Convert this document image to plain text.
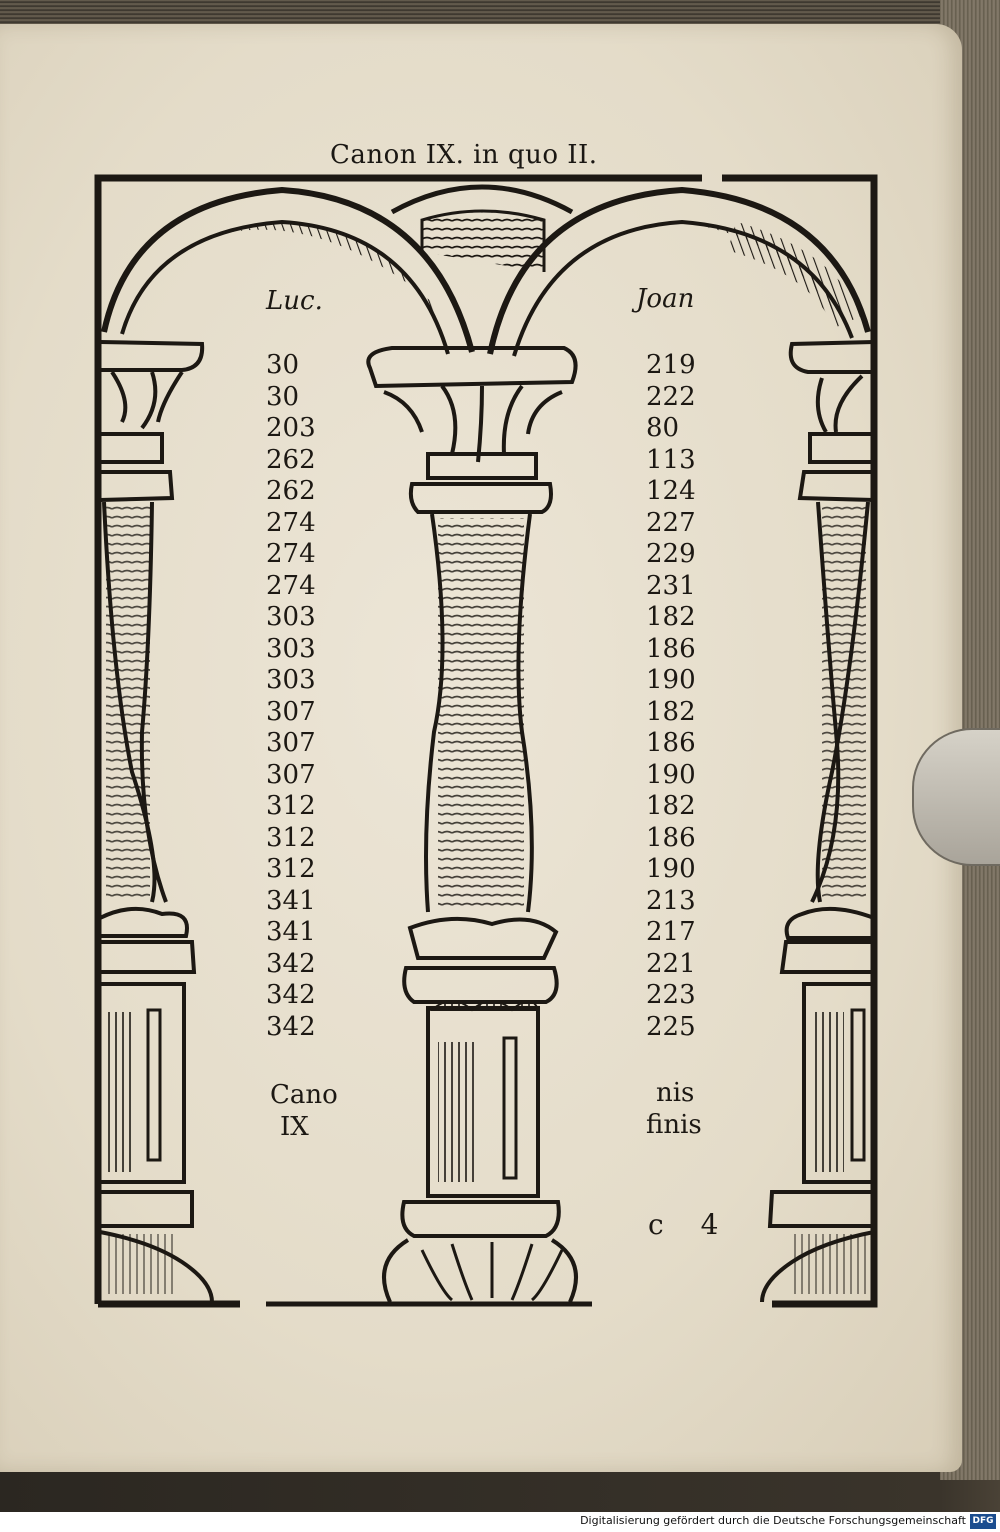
Canon IX. in quo II.
Luc.	Joan
30
30
203
262
262
274
274
274
303
303
303
307
307
307
312
312
312
341
341
342
342
342
219
222
80
113
124
227
229
231
182
186
190
182
186
190
182
186
190
213
217
221
223
225
Cano
IX
nis
finis
c 4
Digitalisierung gefördert durch die Deutsche Forschungsgemeinschaft DFG
